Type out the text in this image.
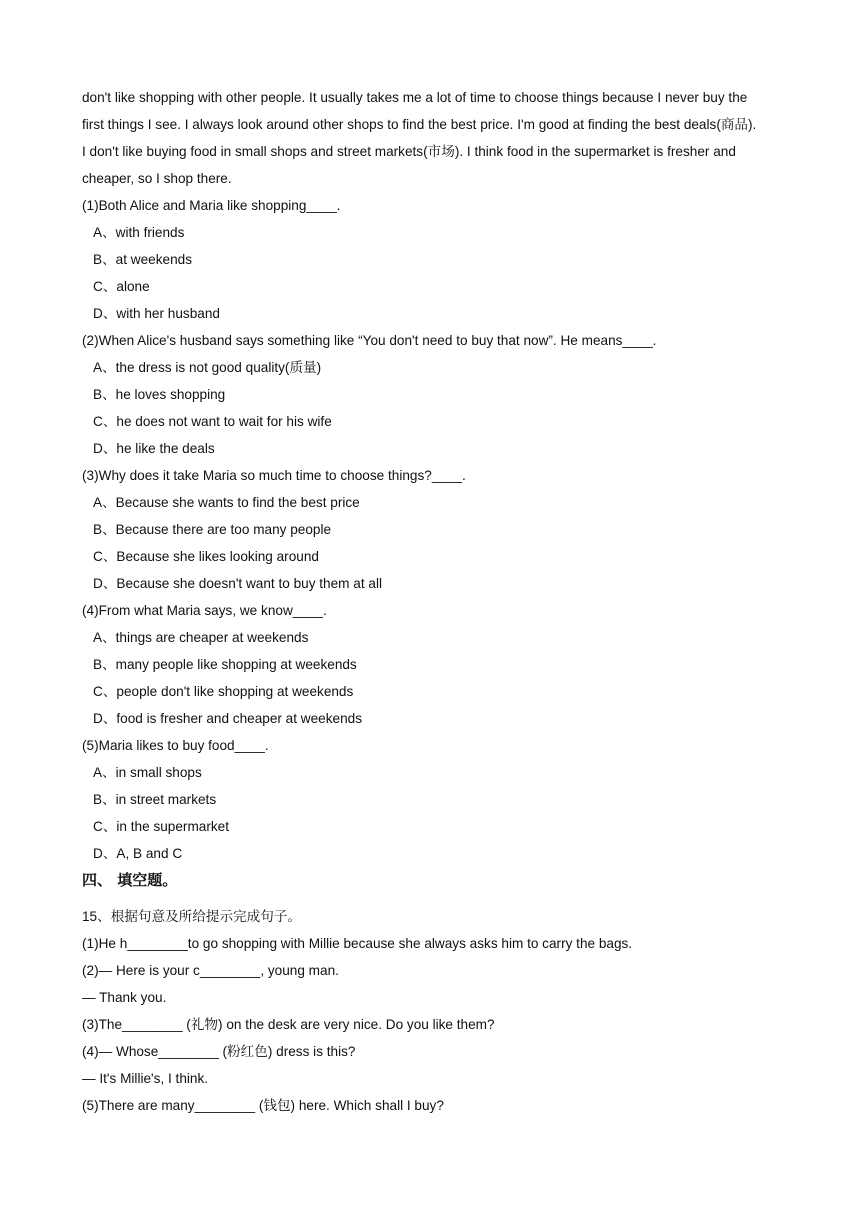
don't like shopping with other people. It usually takes me a lot of time to choose things because I never buy the
first things I see. I always look around other shops to find the best price. I'm good at finding the best deals(商品).
I don't like buying food in small shops and street markets(市场). I think food in the supermarket is fresher and
cheaper, so I shop there.
(1)Both Alice and Maria like shopping____.
A、with friends
B、at weekends
C、alone
D、with her husband
(2)When Alice's husband says something like “You don't need to buy that now”. He means____.
A、the dress is not good quality(质量)
B、he loves shopping
C、he does not want to wait for his wife
D、he like the deals
(3)Why does it take Maria so much time to choose things?____.
A、Because she wants to find the best price
B、Because there are too many people
C、Because she likes looking around
D、Because she doesn't want to buy them at all
(4)From what Maria says, we know____.
A、things are cheaper at weekends
B、many people like shopping at weekends
C、people don't like shopping at weekends
D、food is fresher and cheaper at weekends
(5)Maria likes to buy food____.
A、in small shops
B、in street markets
C、in the supermarket
D、A, B and C
四、 填空题。
15、根据句意及所给提示完成句子。
(1)He h________to go shopping with Millie because she always asks him to carry the bags.
(2)— Here is your c________, young man.
— Thank you.
(3)The________ (礼物) on the desk are very nice. Do you like them?
(4)— Whose________ (粉红色) dress is this?
— It's Millie's, I think.
(5)There are many________ (钱包) here. Which shall I buy?
